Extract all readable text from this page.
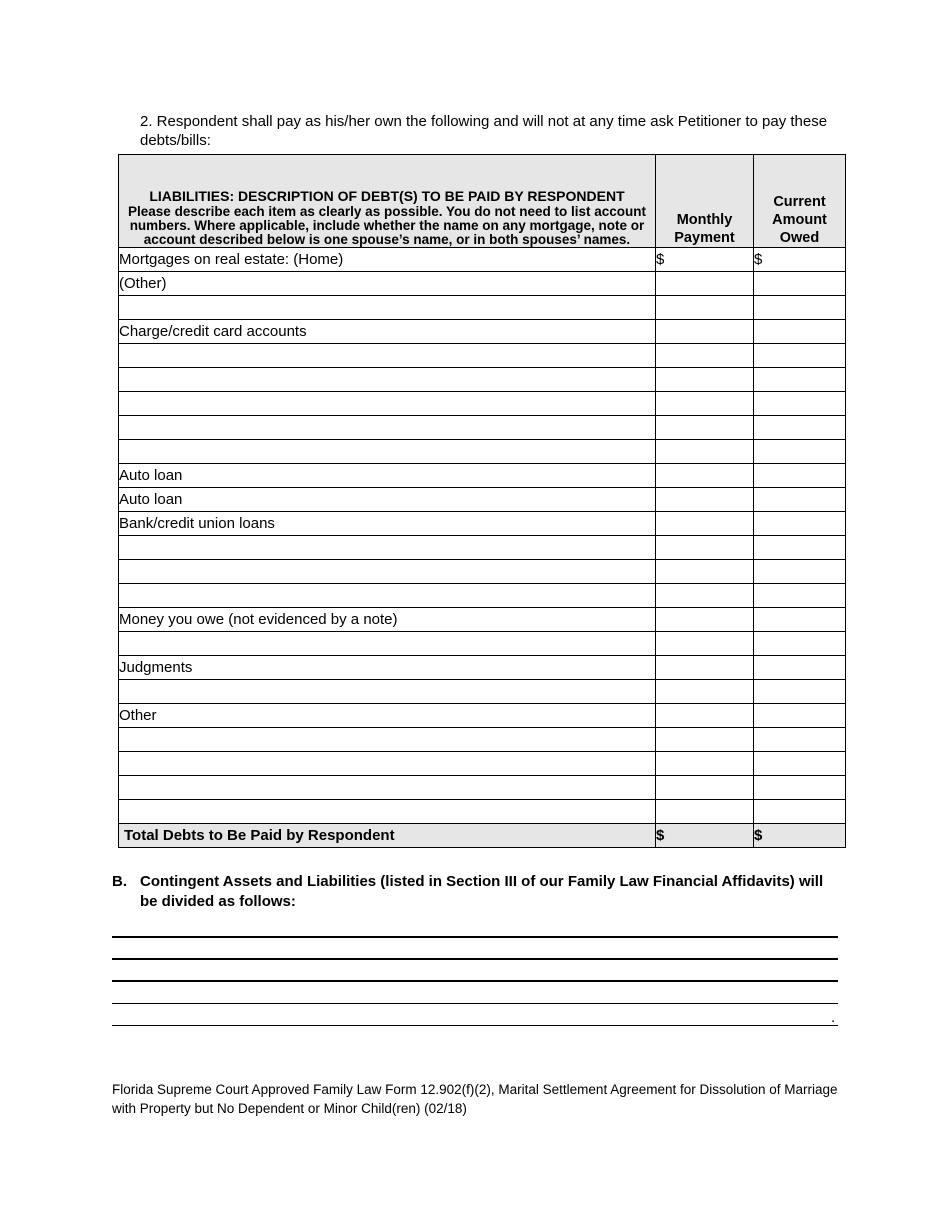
2. Respondent shall pay as his/her own the following and will not at any time ask Petitioner to pay these debts/bills:
LIABILITIES: DESCRIPTION OF DEBT(S) TO BE PAID BY RESPONDENT
Please describe each item as clearly as possible. You do not need to list account numbers. Where applicable, include whether the name on any mortgage, note or account described below is one spouse’s name, or in both spouses’ names.	Monthly Payment	Current Amount Owed
Mortgages on real estate: (Home)	$	$
(Other)		

Charge/credit card accounts		

Auto loan		
Auto loan		
Bank/credit union loans		

Money you owe (not evidenced by a note)		

Judgments		

Other		

Total Debts to Be Paid by Respondent	$	$
B. Contingent Assets and Liabilities (listed in Section III of our Family Law Financial Affidavits) will be divided as follows:
.
Florida Supreme Court Approved Family Law Form 12.902(f)(2), Marital Settlement Agreement for Dissolution of Marriage with Property but No Dependent or Minor Child(ren) (02/18)
